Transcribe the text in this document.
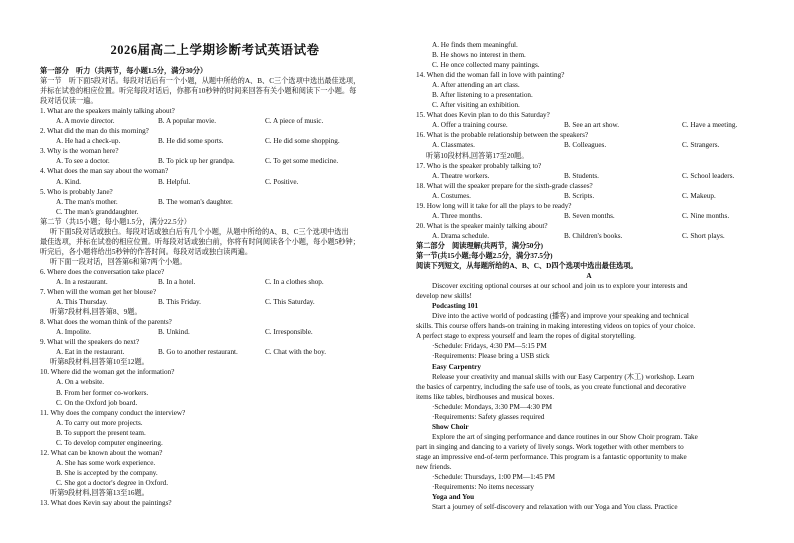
2026届高二上学期诊断考试英语试卷
第一部分　听力（共两节，每小题1.5分，满分30分）
第一节　听下面5段对话。每段对话后有一个小题，从题中所给的A、B、C三个选项中选出最佳选项，
并标在试卷的相应位置。听完每段对话后，你都有10秒钟的时间来回答有关小题和阅读下一小题。每
段对话仅读一遍。
1. What are the speakers mainly talking about?
A. A movie director.	B. A popular movie.	C. A piece of music.
2. What did the man do this morning?
A. He had a check-up.	B. He did some sports.	C. He did some shopping.
3. Why is the woman here?
A. To see a doctor.	B. To pick up her grandpa.	C. To get some medicine.
4. What does the man say about the woman?
A. Kind.	B. Helpful.	C. Positive.
5. Who is probably Jane?
A. The man's mother.	B. The woman's daughter.
C. The man's granddaughter.
第二节（共15小题；每小题1.5分，满分22.5分）
听下面5段对话或独白。每段对话或独白后有几个小题，从题中所给的A、B、C三个选项中选出
最佳选项，并标在试卷的相应位置。听每段对话或独白前，你将有时间阅读各个小题，每小题5秒钟；
听完后，各小题将给出5秒钟的作答时间。每段对话或独白读两遍。
听下面一段对话，回答第6和第7两个小题。
6. Where does the conversation take place?
A. In a restaurant.	B. In a hotel.	C. In a clothes shop.
7. When will the woman get her blouse?
A. This Thursday.	B. This Friday.	C. This Saturday.
听第7段材料,回答第8、9题。
8. What does the woman think of the parents?
A. Impolite.	B. Unkind.	C. Irresponsible.
9. What will the speakers do next?
A. Eat in the restaurant.	B. Go to another restaurant.	C. Chat with the boy.
听第8段材料,回答第10至12题。
10. Where did the woman get the information?
A. On a website.
B. From her former co-workers.
C. On the Oxford job board.
11. Why does the company conduct the interview?
A. To carry out more projects.
B. To support the present team.
C. To develop computer engineering.
12. What can be known about the woman?
A. She has some work experience.
B. She is accepted by the company.
C. She got a doctor's degree in Oxford.
听第9段材料,回答第13至16题。
13. What does Kevin say about the paintings?
A. He finds them meaningful.
B. He shows no interest in them.
C. He once collected many paintings.
14. When did the woman fall in love with painting?
A. After attending an art class.
B. After listening to a presentation.
C. After visiting an exhibition.
15. What does Kevin plan to do this Saturday?
A. Offer a training course.	B. See an art show.	C. Have a meeting.
16. What is the probable relationship between the speakers?
A. Classmates.	B. Colleagues.	C. Strangers.
听第10段材料,回答第17至20题。
17. Who is the speaker probably talking to?
A. Theatre workers.	B. Students.	C. School leaders.
18. What will the speaker prepare for the sixth-grade classes?
A. Costumes.	B. Scripts.	C. Makeup.
19. How long will it take for all the plays to be ready?
A. Three months.	B. Seven months.	C. Nine months.
20. What is the speaker mainly talking about?
A. Drama schedule.	B. Children's books.	C. Short plays.
第二部分　阅读理解(共两节，满分50分)
第一节(共15小题;每小题2.5分，满分37.5分)
阅读下列短文，从每题所给的A、B、C、D四个选项中选出最佳选项。
A
Discover exciting optional courses at our school and join us to explore your interests and
develop new skills!
Podcasting 101
Dive into the active world of podcasting (播客) and improve your speaking and technical
skills. This course offers hands-on training in making interesting videos on topics of your choice.
A perfect stage to express yourself and learn the ropes of digital storytelling.
·Schedule: Fridays, 4:30 PM—5:15 PM
·Requirements: Please bring a USB stick
Easy Carpentry
Release your creativity and manual skills with our Easy Carpentry (木工) workshop. Learn
the basics of carpentry, including the safe use of tools, as you create functional and decorative
items like tables, birdhouses and musical boxes.
·Schedule: Mondays, 3:30 PM—4:30 PM
·Requirements: Safety glasses required
Show Choir
Explore the art of singing performance and dance routines in our Show Choir program. Take
part in singing and dancing to a variety of lively songs. Work together with other members to
stage an impressive end-of-term performance. This program is a fantastic opportunity to make
new friends.
·Schedule: Thursdays, 1:00 PM—1:45 PM
·Requirements: No items necessary
Yoga and You
Start a journey of self-discovery and relaxation with our Yoga and You class. Practice
